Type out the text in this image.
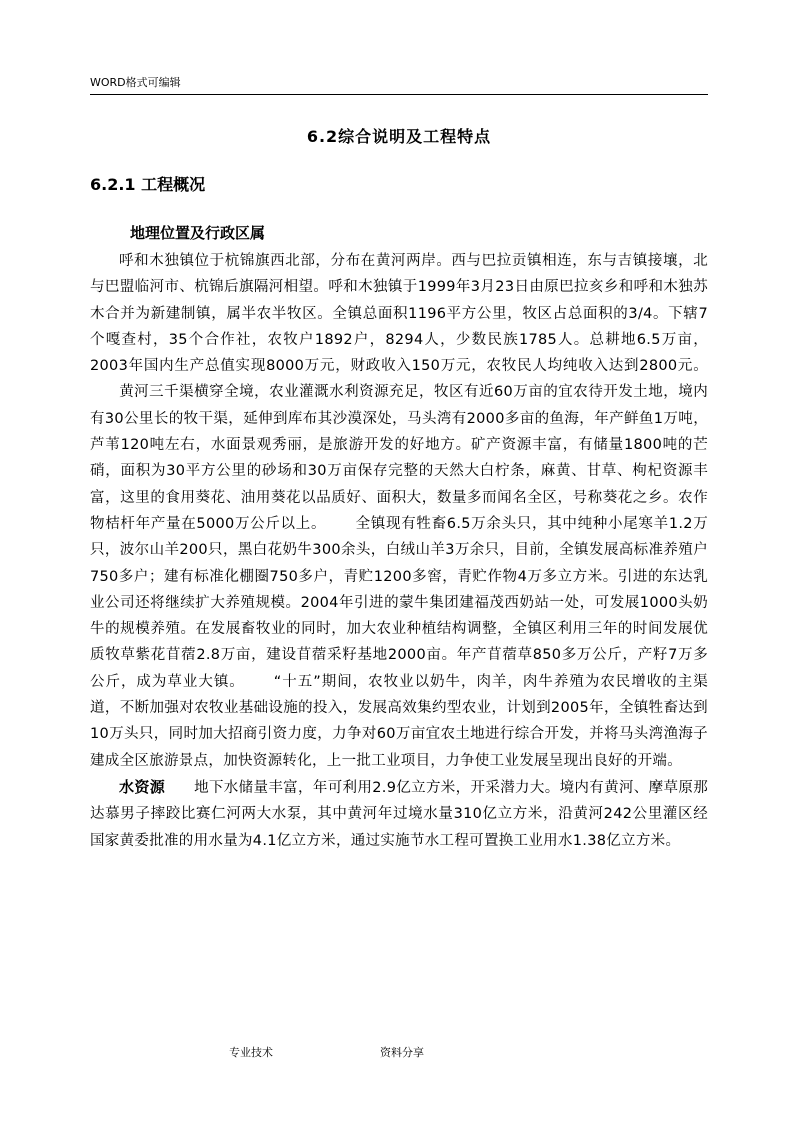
WORD格式可编辑
6.2综合说明及工程特点
6.2.1 工程概况
地理位置及行政区属

呼和木独镇位于杭锦旗西北部，分布在黄河两岸。西与巴拉贡镇相连，东与吉镇接壤，北与巴盟临河市、杭锦后旗隔河相望。呼和木独镇于1999年3月23日由原巴拉亥乡和呼和木独苏木合并为新建制镇，属半农半牧区。全镇总面积1196平方公里，牧区占总面积的3/4。下辖7个嘎查村，35个合作社，农牧户1892户，8294人，少数民族1785人。总耕地6.5万亩，2003年国内生产总值实现8000万元，财政收入150万元，农牧民人均纯收入达到2800元。黄河三千渠横穿全境，农业灌溉水利资源充足，牧区有近60万亩的宜农待开发土地，境内有30公里长的牧干渠，延伸到库布其沙漠深处，马头湾有2000多亩的鱼海，年产鲜鱼1万吨，芦苇120吨左右，水面景观秀丽，是旅游开发的好地方。矿产资源丰富，有储量1800吨的芒硝，面积为30平方公里的砂场和30万亩保存完整的天然大白柠条，麻黄、甘草、枸杞资源丰富，这里的食用葵花、油用葵花以品质好、面积大，数量多而闻名全区，号称葵花之乡。农作物桔杆年产量在5000万公斤以上。 全镇现有牲畜6.5万余头只，其中纯种小尾寒羊1.2万只，波尔山羊200只，黑白花奶牛300余头，白绒山羊3万余只，目前，全镇发展高标准养殖户750多户；建有标准化棚圈750多户，青贮1200多窖，青贮作物4万多立方米。引进的东达乳业公司还将继续扩大养殖规模。2004年引进的蒙牛集团建福茂西奶站一处，可发展1000头奶牛的规模养殖。在发展畜牧业的同时，加大农业种植结构调整，全镇区利用三年的时间发展优质牧草紫花苜蓿2.8万亩，建设苜蓿采籽基地2000亩。年产苜蓿草850多万公斤，产籽7万多公斤，成为草业大镇。 “十五”期间，农牧业以奶牛，肉羊，肉牛养殖为农民增收的主渠道，不断加强对农牧业基础设施的投入，发展高效集约型农业，计划到2005年，全镇牲畜达到10万头只，同时加大招商引资力度，力争对60万亩宜农土地进行综合开发，并将马头湾渔海子建成全区旅游景点，加快资源转化，上一批工业项目，力争使工业发展呈现出良好的开端。

水资源 地下水储量丰富，年可利用2.9亿立方米，开采潜力大。境内有黄河、摩草原那达慕男子摔跤比赛仁河两大水泵，其中黄河年过境水量310亿立方米，沿黄河242公里灌区经国家黄委批准的用水量为4.1亿立方米，通过实施节水工程可置换工业用水1.38亿立方米。

专业技术	资料分享
